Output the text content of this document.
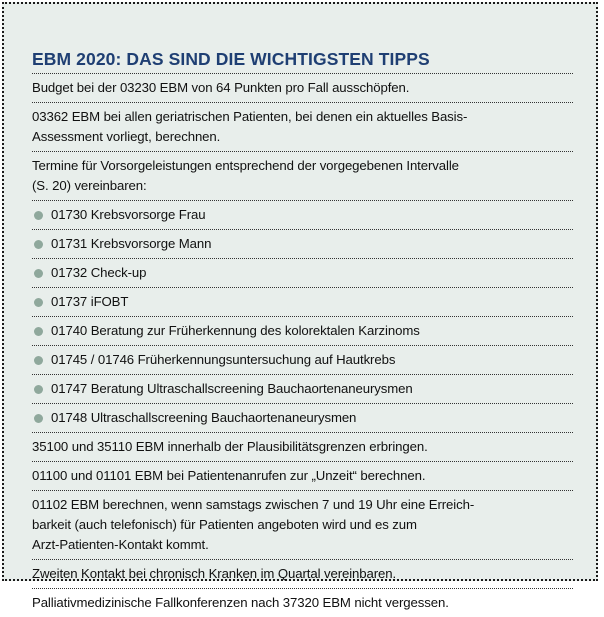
EBM 2020: DAS SIND DIE WICHTIGSTEN TIPPS
Budget bei der 03230 EBM von 64 Punkten pro Fall ausschöpfen.
03362 EBM bei allen geriatrischen Patienten, bei denen ein aktuelles Basis-
Assessment vorliegt, berechnen.
Termine für Vorsorgeleistungen entsprechend der vorgegebenen Intervalle
(S. 20) vereinbaren:
01730 Krebsvorsorge Frau
01731 Krebsvorsorge Mann
01732 Check-up
01737 iFOBT
01740 Beratung zur Früherkennung des kolorektalen Karzinoms
01745 / 01746 Früherkennungsuntersuchung auf Hautkrebs
01747 Beratung Ultraschallscreening Bauchaortenaneurysmen
01748 Ultraschallscreening Bauchaortenaneurysmen
35100 und 35110 EBM innerhalb der Plausibilitätsgrenzen erbringen.
01100 und 01101 EBM bei Patientenanrufen zur „Unzeit“ berechnen.
01102 EBM berechnen, wenn samstags zwischen 7 und 19 Uhr eine Erreich-
barkeit (auch telefonisch) für Patienten angeboten wird und es zum
Arzt-Patienten-Kontakt kommt.
Zweiten Kontakt bei chronisch Kranken im Quartal vereinbaren.
Palliativmedizinische Fallkonferenzen nach 37320 EBM nicht vergessen.
